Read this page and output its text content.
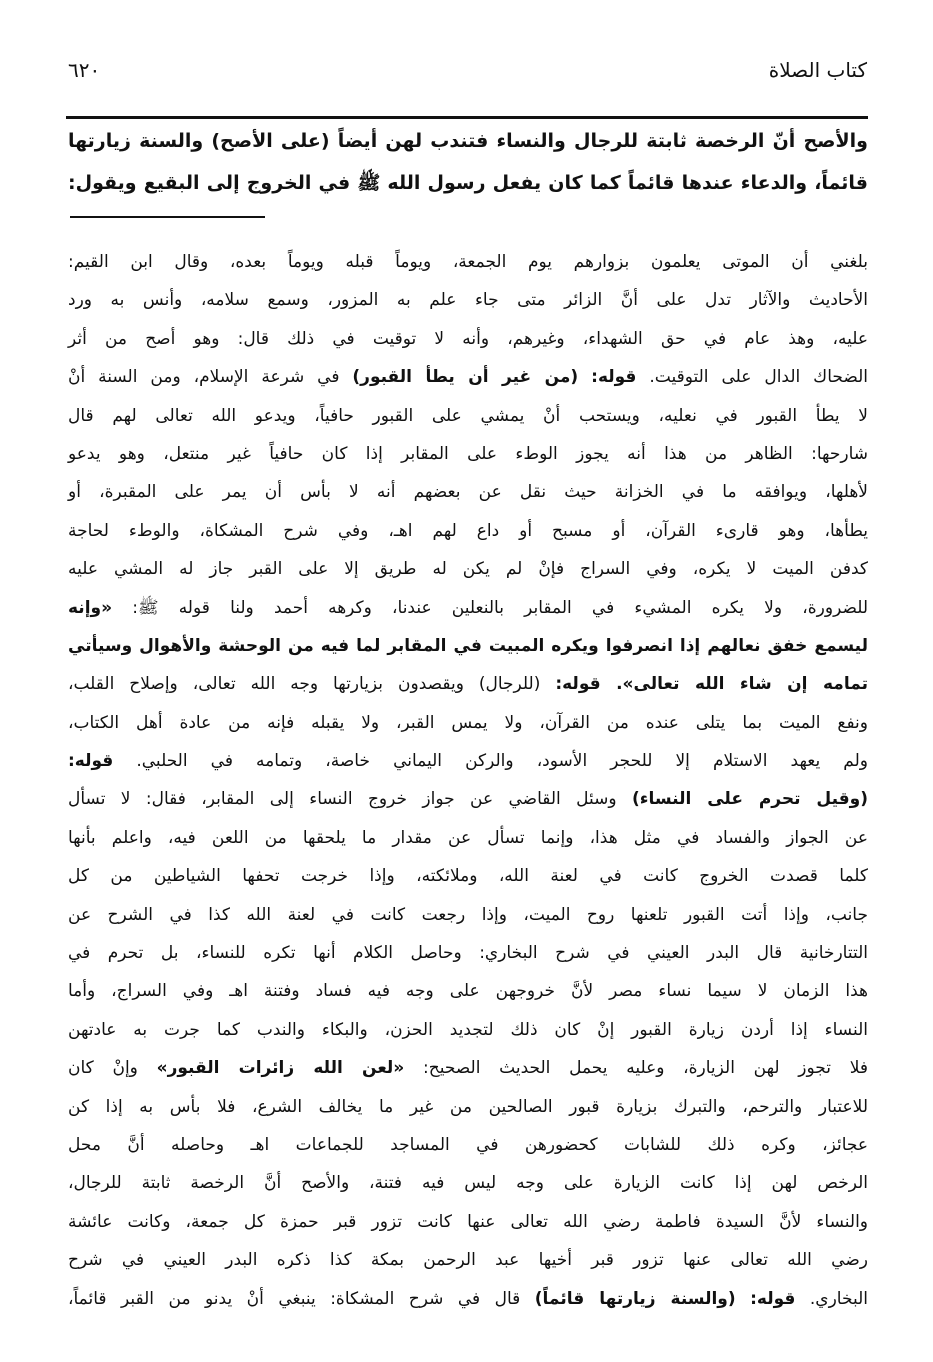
كتاب الصلاة
٦٢٠
والأصح أنّ الرخصة ثابتة للرجال والنساء فتندب لهن أيضاً (على الأصح) والسنة زيارتها
قائماً، والدعاء عندها قائماً كما كان يفعل رسول الله ﷺ في الخروج إلى البقيع ويقول:
بلغني أن الموتى يعلمون بزوارهم يوم الجمعة، ويوماً قبله ويوماً بعده، وقال ابن القيم:
الأحاديث والآثار تدل على أنَّ الزائر متى جاء علم به المزور، وسمع سلامه، وأنس به ورد
عليه، وهذ عام في حق الشهداء، وغيرهم، وأنه لا توقيت في ذلك قال: وهو أصح من أثر
الضحاك الدال على التوقيت. قوله: (من غير أن يطأ القبور) في شرعة الإسلام، ومن السنة أنْ
لا يطأ القبور في نعليه، ويستحب أنْ يمشي على القبور حافياً، ويدعو الله تعالى لهم قال
شارحها: الظاهر من هذا أنه يجوز الوطء على المقابر إذا كان حافياً غير منتعل، وهو يدعو
لأهلها، ويوافقه ما في الخزانة حيث نقل عن بعضهم أنه لا بأس أن يمر على المقبرة، أو
يطأها، وهو قارىء القرآن، أو مسبح أو داع لهم اهـ، وفي شرح المشكاة، والوطء لحاجة
كدفن الميت لا يكره، وفي السراج فإنْ لم يكن له طريق إلا على القبر جاز له المشي عليه
للضرورة، ولا يكره المشيء في المقابر بالنعلين عندنا، وكرهه أحمد ولنا قوله ﷺ: «وإنه
ليسمع خفق نعالهم إذا انصرفوا ويكره المبيت في المقابر لما فيه من الوحشة والأهوال وسيأتي
تمامه إن شاء الله تعالى». قوله: (للرجال) ويقصدون بزيارتها وجه الله تعالى، وإصلاح القلب،
ونفع الميت بما يتلى عنده من القرآن، ولا يمس القبر، ولا يقبله فإنه من عادة أهل الكتاب،
ولم يعهد الاستلام إلا للحجر الأسود، والركن اليماني خاصة، وتمامه في الحلبي. قوله:
(وقيل تحرم على النساء) وسئل القاضي عن جواز خروج النساء إلى المقابر، فقال: لا تسأل
عن الجواز والفساد في مثل هذا، وإنما تسأل عن مقدار ما يلحقها من اللعن فيه، واعلم بأنها
كلما قصدت الخروج كانت في لعنة الله، وملائكته، وإذا خرجت تحفها الشياطين من كل
جانب، وإذا أتت القبور تلعنها روح الميت، وإذا رجعت كانت في لعنة الله كذا في الشرح عن
التتارخانية قال البدر العيني في شرح البخاري: وحاصل الكلام أنها تكره للنساء، بل تحرم في
هذا الزمان لا سيما نساء مصر لأنَّ خروجهن على وجه فيه فساد وفتنة اهـ وفي السراج، وأما
النساء إذا أردن زيارة القبور إنْ كان ذلك لتجديد الحزن، والبكاء والندب كما جرت به عادتهن
فلا تجوز لهن الزيارة، وعليه يحمل الحديث الصحيح: «لعن الله زائرات القبور» وإنْ كان
للاعتبار والترحم، والتبرك بزيارة قبور الصالحين من غير ما يخالف الشرع، فلا بأس به إذا كن
عجائز، وكره ذلك للشابات كحضورهن في المساجد للجماعات اهـ وحاصله أنَّ محل
الرخص لهن إذا كانت الزيارة على وجه ليس فيه فتنة، والأصح أنَّ الرخصة ثابتة للرجال،
والنساء لأنَّ السيدة فاطمة رضي الله تعالى عنها كانت تزور قبر حمزة كل جمعة، وكانت عائشة
رضي الله تعالى عنها تزور قبر أخيها عبد الرحمن بمكة كذا ذكره البدر العيني في شرح
البخاري. قوله: (والسنة زيارتها قائماً) قال في شرح المشكاة: ينبغي أنْ يدنو من القبر قائماً،
